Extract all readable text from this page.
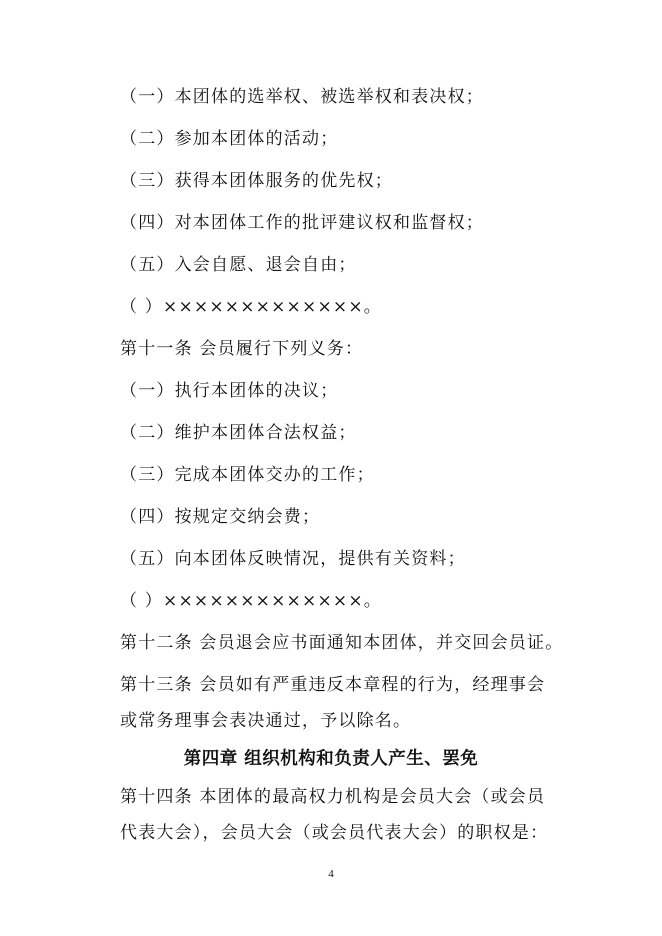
（一）本团体的选举权、被选举权和表决权；
（二）参加本团体的活动；
（三）获得本团体服务的优先权；
（四）对本团体工作的批评建议权和监督权；
（五）入会自愿、退会自由；
（ ）×××××××××××××。
第十一条 会员履行下列义务：
（一）执行本团体的决议；
（二）维护本团体合法权益；
（三）完成本团体交办的工作；
（四）按规定交纳会费；
（五）向本团体反映情况，提供有关资料；
（ ）×××××××××××××。
第十二条 会员退会应书面通知本团体，并交回会员证。
第十三条 会员如有严重违反本章程的行为，经理事会或常务理事会表决通过，予以除名。
第四章 组织机构和负责人产生、罢免
第十四条 本团体的最高权力机构是会员大会（或会员代表大会），会员大会（或会员代表大会）的职权是：
4
